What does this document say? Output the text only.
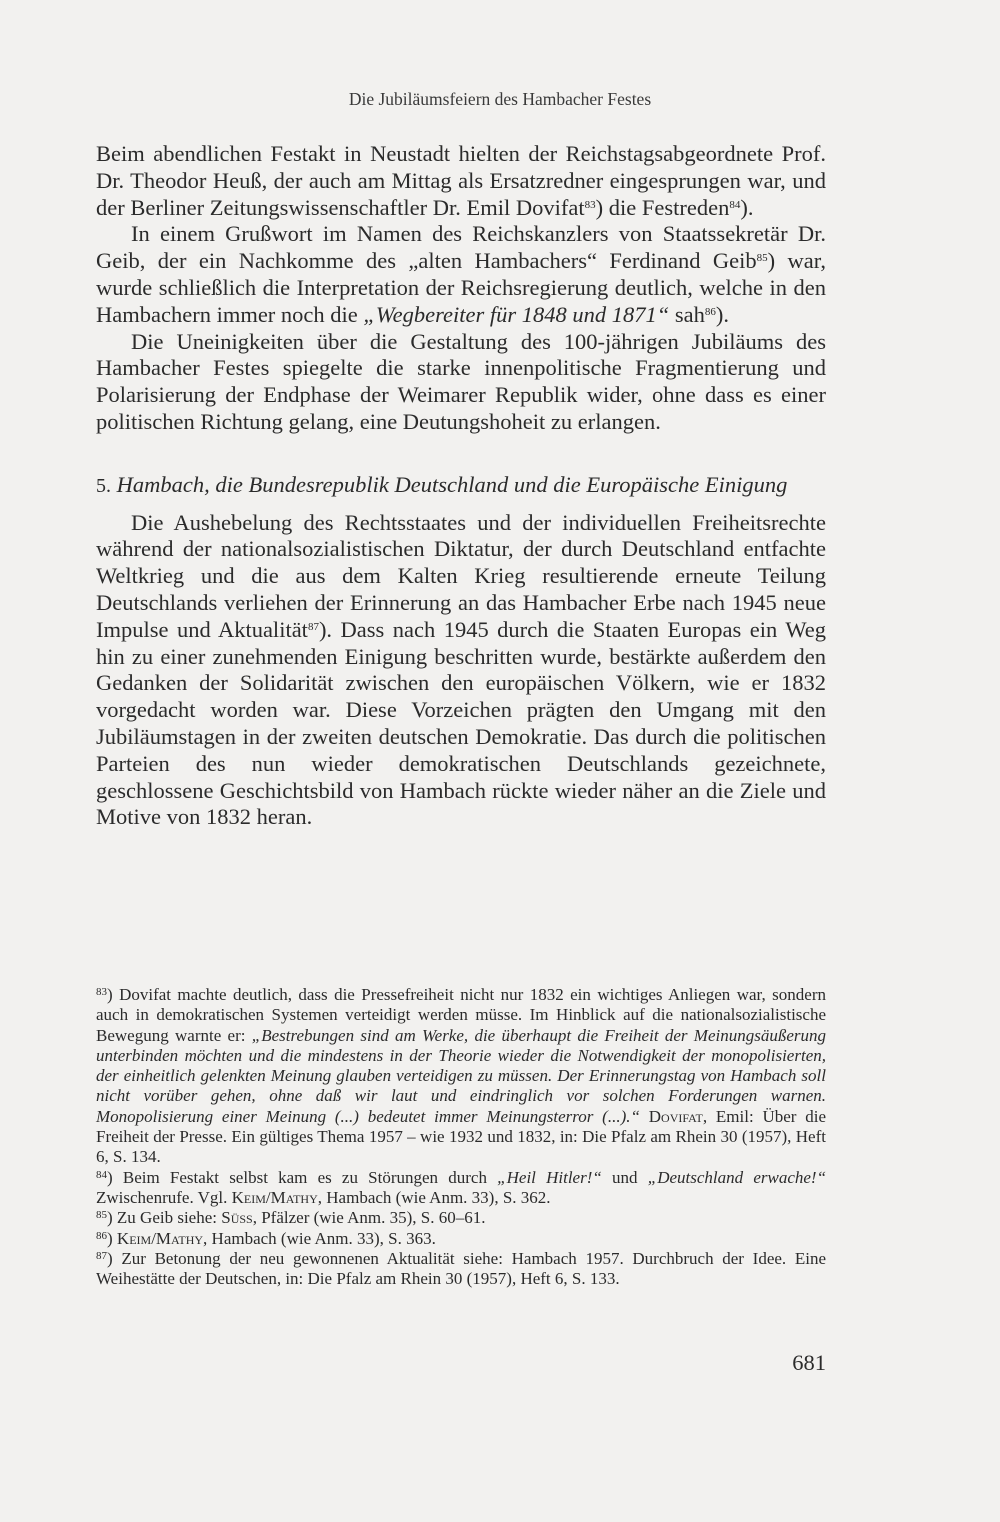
Die Jubiläumsfeiern des Hambacher Festes

Beim abendlichen Festakt in Neustadt hielten der Reichstagsabgeordnete Prof. Dr. Theodor Heuß, der auch am Mittag als Ersatzredner eingesprungen war, und der Berliner Zeitungswissenschaftler Dr. Emil Dovifat$^{83}$) die Festreden$^{84}$).

In einem Grußwort im Namen des Reichskanzlers von Staatssekretär Dr. Geib, der ein Nachkomme des „alten Hambachers“ Ferdinand Geib$^{85}$) war, wurde schließlich die Interpretation der Reichsregierung deutlich, welche in den Hambachern immer noch die „Wegbereiter für 1848 und 1871“ sah$^{86}$).

Die Uneinigkeiten über die Gestaltung des 100-jährigen Jubiläums des Hambacher Festes spiegelte die starke innenpolitische Fragmentierung und Polarisierung der Endphase der Weimarer Republik wider, ohne dass es einer politischen Richtung gelang, eine Deutungshoheit zu erlangen.

5. Hambach, die Bundesrepublik Deutschland und die Europäische Einigung

Die Aushebelung des Rechtsstaates und der individuellen Freiheitsrechte während der nationalsozialistischen Diktatur, der durch Deutschland entfachte Weltkrieg und die aus dem Kalten Krieg resultierende erneute Teilung Deutschlands verliehen der Erinnerung an das Hambacher Erbe nach 1945 neue Impulse und Aktualität$^{87}$). Dass nach 1945 durch die Staaten Europas ein Weg hin zu einer zunehmenden Einigung beschritten wurde, bestärkte außerdem den Gedanken der Solidarität zwischen den europäischen Völkern, wie er 1832 vorgedacht worden war. Diese Vorzeichen prägten den Umgang mit den Jubiläumstagen in der zweiten deutschen Demokratie. Das durch die politischen Parteien des nun wieder demokratischen Deutschlands gezeichnete, geschlossene Geschichtsbild von Hambach rückte wieder näher an die Ziele und Motive von 1832 heran.

$^{83}$) Dovifat machte deutlich, dass die Pressefreiheit nicht nur 1832 ein wichtiges Anliegen war, sondern auch in demokratischen Systemen verteidigt werden müsse. Im Hinblick auf die nationalsozialistische Bewegung warnte er: „Bestrebungen sind am Werke, die überhaupt die Freiheit der Meinungsäußerung unterbinden möchten und die mindestens in der Theorie wieder die Notwendigkeit der monopolisierten, der einheitlich gelenkten Meinung glauben verteidigen zu müssen. Der Erinnerungstag von Hambach soll nicht vorüber gehen, ohne daß wir laut und eindringlich vor solchen Forderungen warnen. Monopolisierung einer Meinung (...) bedeutet immer Meinungsterror (...).“ Dovifat, Emil: Über die Freiheit der Presse. Ein gültiges Thema 1957 – wie 1932 und 1832, in: Die Pfalz am Rhein 30 (1957), Heft 6, S. 134.

$^{84}$) Beim Festakt selbst kam es zu Störungen durch „Heil Hitler!“ und „Deutschland erwache!“ Zwischenrufe. Vgl. Keim/Mathy, Hambach (wie Anm. 33), S. 362.

$^{85}$) Zu Geib siehe: Süss, Pfälzer (wie Anm. 35), S. 60–61.

$^{86}$) Keim/Mathy, Hambach (wie Anm. 33), S. 363.

$^{87}$) Zur Betonung der neu gewonnenen Aktualität siehe: Hambach 1957. Durchbruch der Idee. Eine Weihestätte der Deutschen, in: Die Pfalz am Rhein 30 (1957), Heft 6, S. 133.

681
